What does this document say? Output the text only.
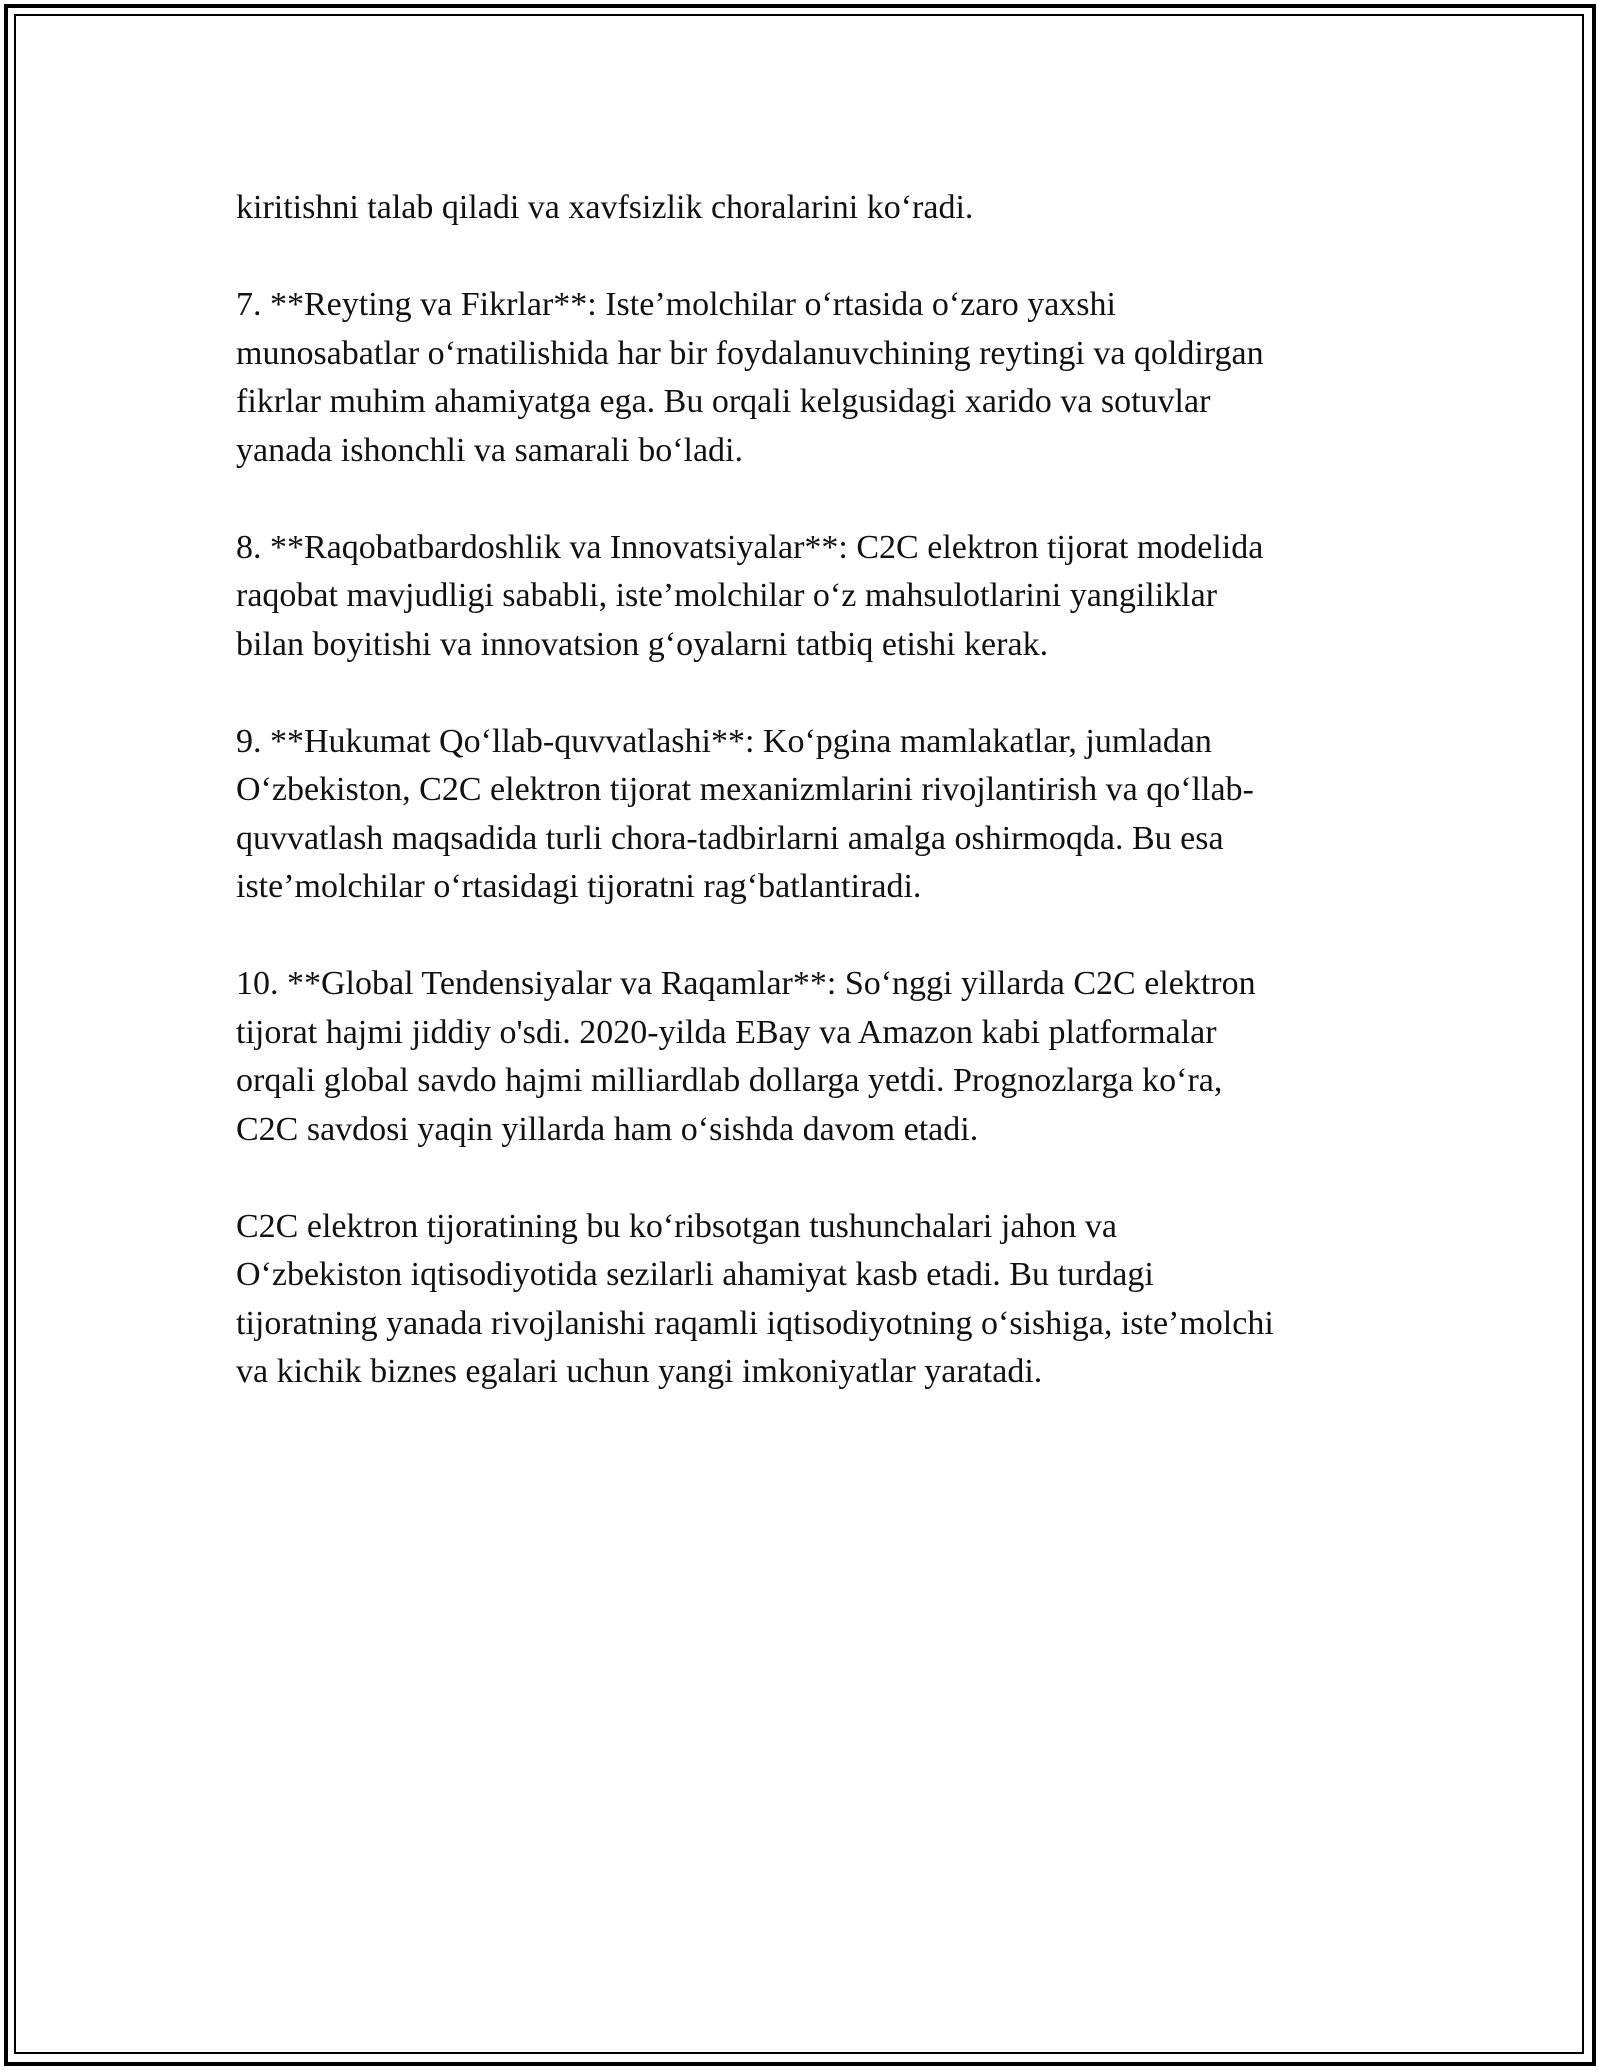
kiritishni talab qiladi va xavfsizlik choralarini ko‘radi.

7. **Reyting va Fikrlar**: Iste’molchilar o‘rtasida o‘zaro yaxshi
munosabatlar o‘rnatilishida har bir foydalanuvchining reytingi va qoldirgan
fikrlar muhim ahamiyatga ega. Bu orqali kelgusidagi xarido va sotuvlar
yanada ishonchli va samarali bo‘ladi.

8. **Raqobatbardoshlik va Innovatsiyalar**: C2C elektron tijorat modelida
raqobat mavjudligi sababli, iste’molchilar o‘z mahsulotlarini yangiliklar
bilan boyitishi va innovatsion g‘oyalarni tatbiq etishi kerak.

9. **Hukumat Qo‘llab-quvvatlashi**: Ko‘pgina mamlakatlar, jumladan
O‘zbekiston, C2C elektron tijorat mexanizmlarini rivojlantirish va qo‘llab-
quvvatlash maqsadida turli chora-tadbirlarni amalga oshirmoqda. Bu esa
iste’molchilar o‘rtasidagi tijoratni rag‘batlantiradi.

10. **Global Tendensiyalar va Raqamlar**: So‘nggi yillarda C2C elektron
tijorat hajmi jiddiy o'sdi. 2020-yilda EBay va Amazon kabi platformalar
orqali global savdo hajmi milliardlab dollarga yetdi. Prognozlarga ko‘ra,
C2C savdosi yaqin yillarda ham o‘sishda davom etadi.

C2C elektron tijoratining bu ko‘ribsotgan tushunchalari jahon va
O‘zbekiston iqtisodiyotida sezilarli ahamiyat kasb etadi. Bu turdagi
tijoratning yanada rivojlanishi raqamli iqtisodiyotning o‘sishiga, iste’molchi
va kichik biznes egalari uchun yangi imkoniyatlar yaratadi.
